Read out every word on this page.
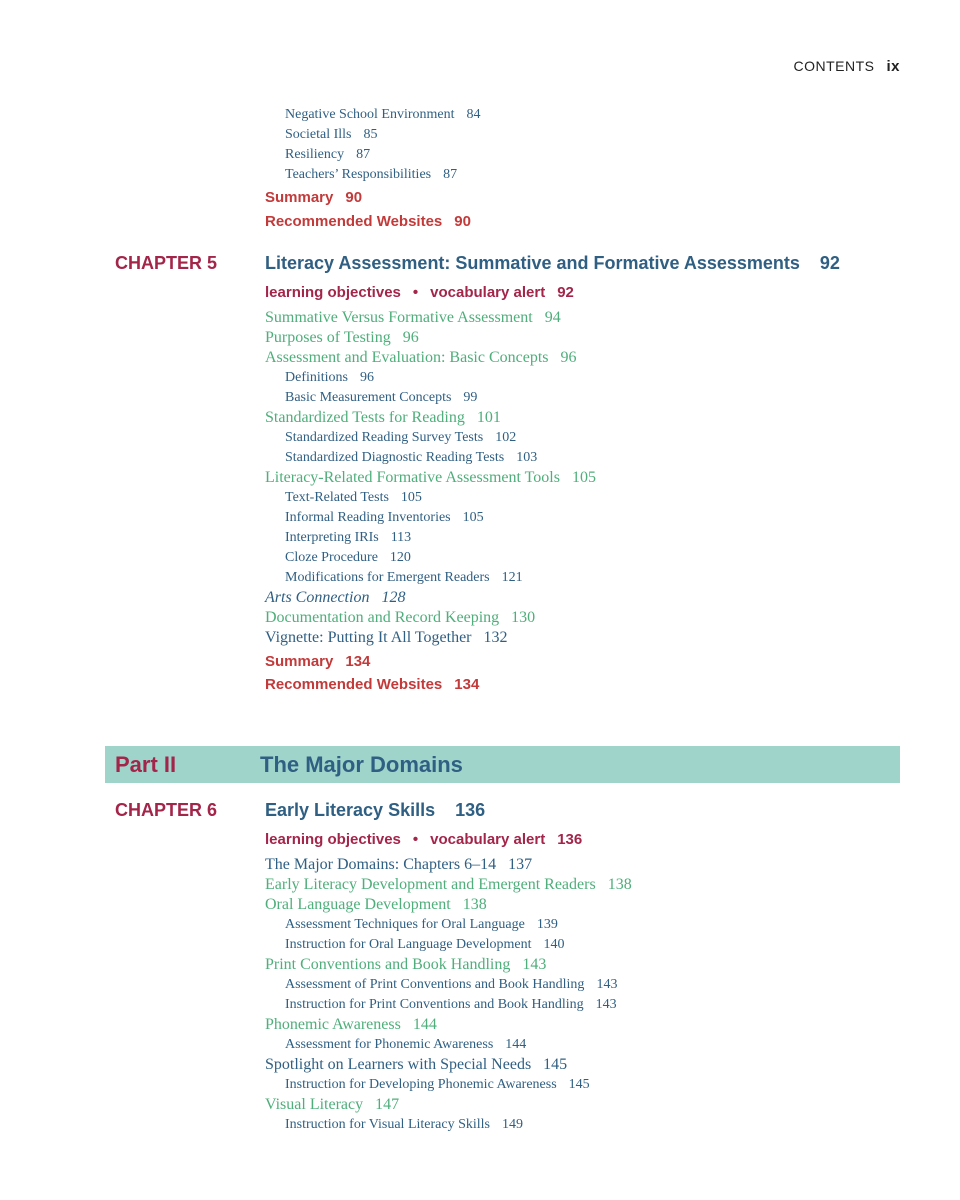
CONTENTS ix
Negative School Environment 84
Societal Ills 85
Resiliency 87
Teachers’ Responsibilities 87
Summary 90
Recommended Websites 90
CHAPTER 5	Literacy Assessment: Summative and Formative Assessments 92
learning objectives • vocabulary alert 92
Summative Versus Formative Assessment 94
Purposes of Testing 96
Assessment and Evaluation: Basic Concepts 96
Definitions 96
Basic Measurement Concepts 99
Standardized Tests for Reading 101
Standardized Reading Survey Tests 102
Standardized Diagnostic Reading Tests 103
Literacy-Related Formative Assessment Tools 105
Text-Related Tests 105
Informal Reading Inventories 105
Interpreting IRIs 113
Cloze Procedure 120
Modifications for Emergent Readers 121
Arts Connection 128
Documentation and Record Keeping 130
Vignette: Putting It All Together 132
Summary 134
Recommended Websites 134
Part II	The Major Domains
CHAPTER 6	Early Literacy Skills 136
learning objectives • vocabulary alert 136
The Major Domains: Chapters 6–14 137
Early Literacy Development and Emergent Readers 138
Oral Language Development 138
Assessment Techniques for Oral Language 139
Instruction for Oral Language Development 140
Print Conventions and Book Handling 143
Assessment of Print Conventions and Book Handling 143
Instruction for Print Conventions and Book Handling 143
Phonemic Awareness 144
Assessment for Phonemic Awareness 144
Spotlight on Learners with Special Needs 145
Instruction for Developing Phonemic Awareness 145
Visual Literacy 147
Instruction for Visual Literacy Skills 149
